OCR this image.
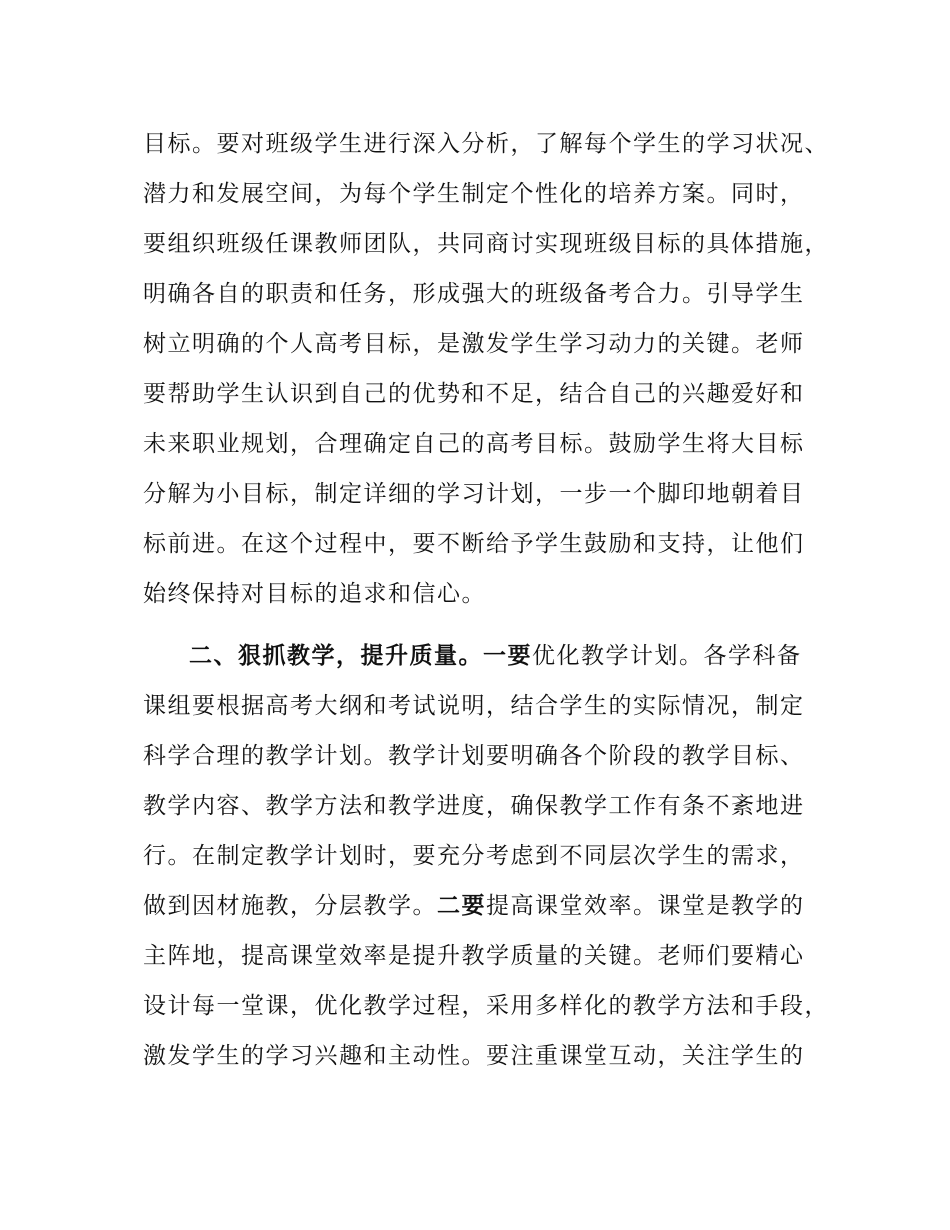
目标。要对班级学生进行深入分析，了解每个学生的学习状况、
潜力和发展空间，为每个学生制定个性化的培养方案。同时，
要组织班级任课教师团队，共同商讨实现班级目标的具体措施，
明确各自的职责和任务，形成强大的班级备考合力。引导学生
树立明确的个人高考目标，是激发学生学习动力的关键。老师
要帮助学生认识到自己的优势和不足，结合自己的兴趣爱好和
未来职业规划，合理确定自己的高考目标。鼓励学生将大目标
分解为小目标，制定详细的学习计划，一步一个脚印地朝着目
标前进。在这个过程中，要不断给予学生鼓励和支持，让他们
始终保持对目标的追求和信心。
二、狠抓教学，提升质量。一要优化教学计划。各学科备
课组要根据高考大纲和考试说明，结合学生的实际情况，制定
科学合理的教学计划。教学计划要明确各个阶段的教学目标、
教学内容、教学方法和教学进度，确保教学工作有条不紊地进
行。在制定教学计划时，要充分考虑到不同层次学生的需求，
做到因材施教，分层教学。二要提高课堂效率。课堂是教学的
主阵地，提高课堂效率是提升教学质量的关键。老师们要精心
设计每一堂课，优化教学过程，采用多样化的教学方法和手段，
激发学生的学习兴趣和主动性。要注重课堂互动，关注学生的
